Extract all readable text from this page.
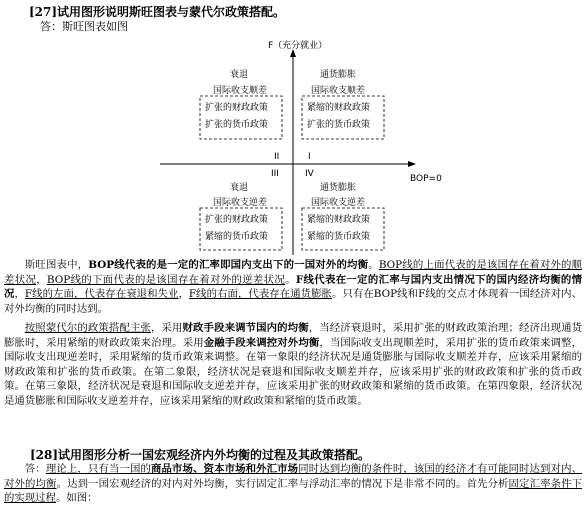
[27]试用图形说明斯旺图表与蒙代尔政策搭配。
答：斯旺图表如图
F（充分就业）
BOP=0
II	I
III	IV
衰退
国际收支顺差
扩张的财政政策
扩张的货币政策
通货膨胀
国际收支顺差
紧缩的财政政策
扩张的货币政策
衰退
国际收支逆差
扩张的财政政策
紧缩的货币政策
通货膨胀
国际收支逆差
紧缩的财政政策
紧缩的货币政策

斯旺图表中，BOP线代表的是一定的汇率即国内支出下的一国对外的均衡。BOP线的上面代表的是该国存在着对外的顺差状况，BOP线的下面代表的是该国存在着对外的逆差状况。F线代表在一定的汇率与国内支出情况下的国内经济均衡的情况，F线的左面，代表存在衰退和失业，F线的右面，代表存在通货膨胀。只有在BOP线和F线的交点才体现着一国经济对内、对外均衡的同时达到。

按照蒙代尔的政策搭配主张，采用财政手段来调节国内的均衡，当经济衰退时，采用扩张的财政政策治理；经济出现通货膨胀时，采用紧缩的财政政策来治理。采用金融手段来调控对外均衡，当国际收支出现顺差时，采用扩张的货币政策来调整，国际收支出现逆差时，采用紧缩的货币政策来调整。在第一象限的经济状况是通货膨胀与国际收支顺差并存，应该采用紧缩的财政政策和扩张的货币政策。在第二象限，经济状况是衰退和国际收支顺差并存，应该采用扩张的财政政策和扩张的货币政策。在第三象限，经济状况是衰退和国际收支逆差并存，应该采用扩张的财政政策和紧缩的货币政策。在第四象限，经济状况是通货膨胀和国际收支逆差并存，应该采用紧缩的财政政策和紧缩的货币政策。

[28]试用图形分析一国宏观经济内外均衡的过程及其政策搭配。

答：理论上，只有当一国的商品市场、资本市场和外汇市场同时达到均衡的条件时，该国的经济才有可能同时达到对内、对外的均衡。达到一国宏观经济的对内对外均衡，实行固定汇率与浮动汇率的情况下是非常不同的。首先分析固定汇率条件下的实现过程。如图：
